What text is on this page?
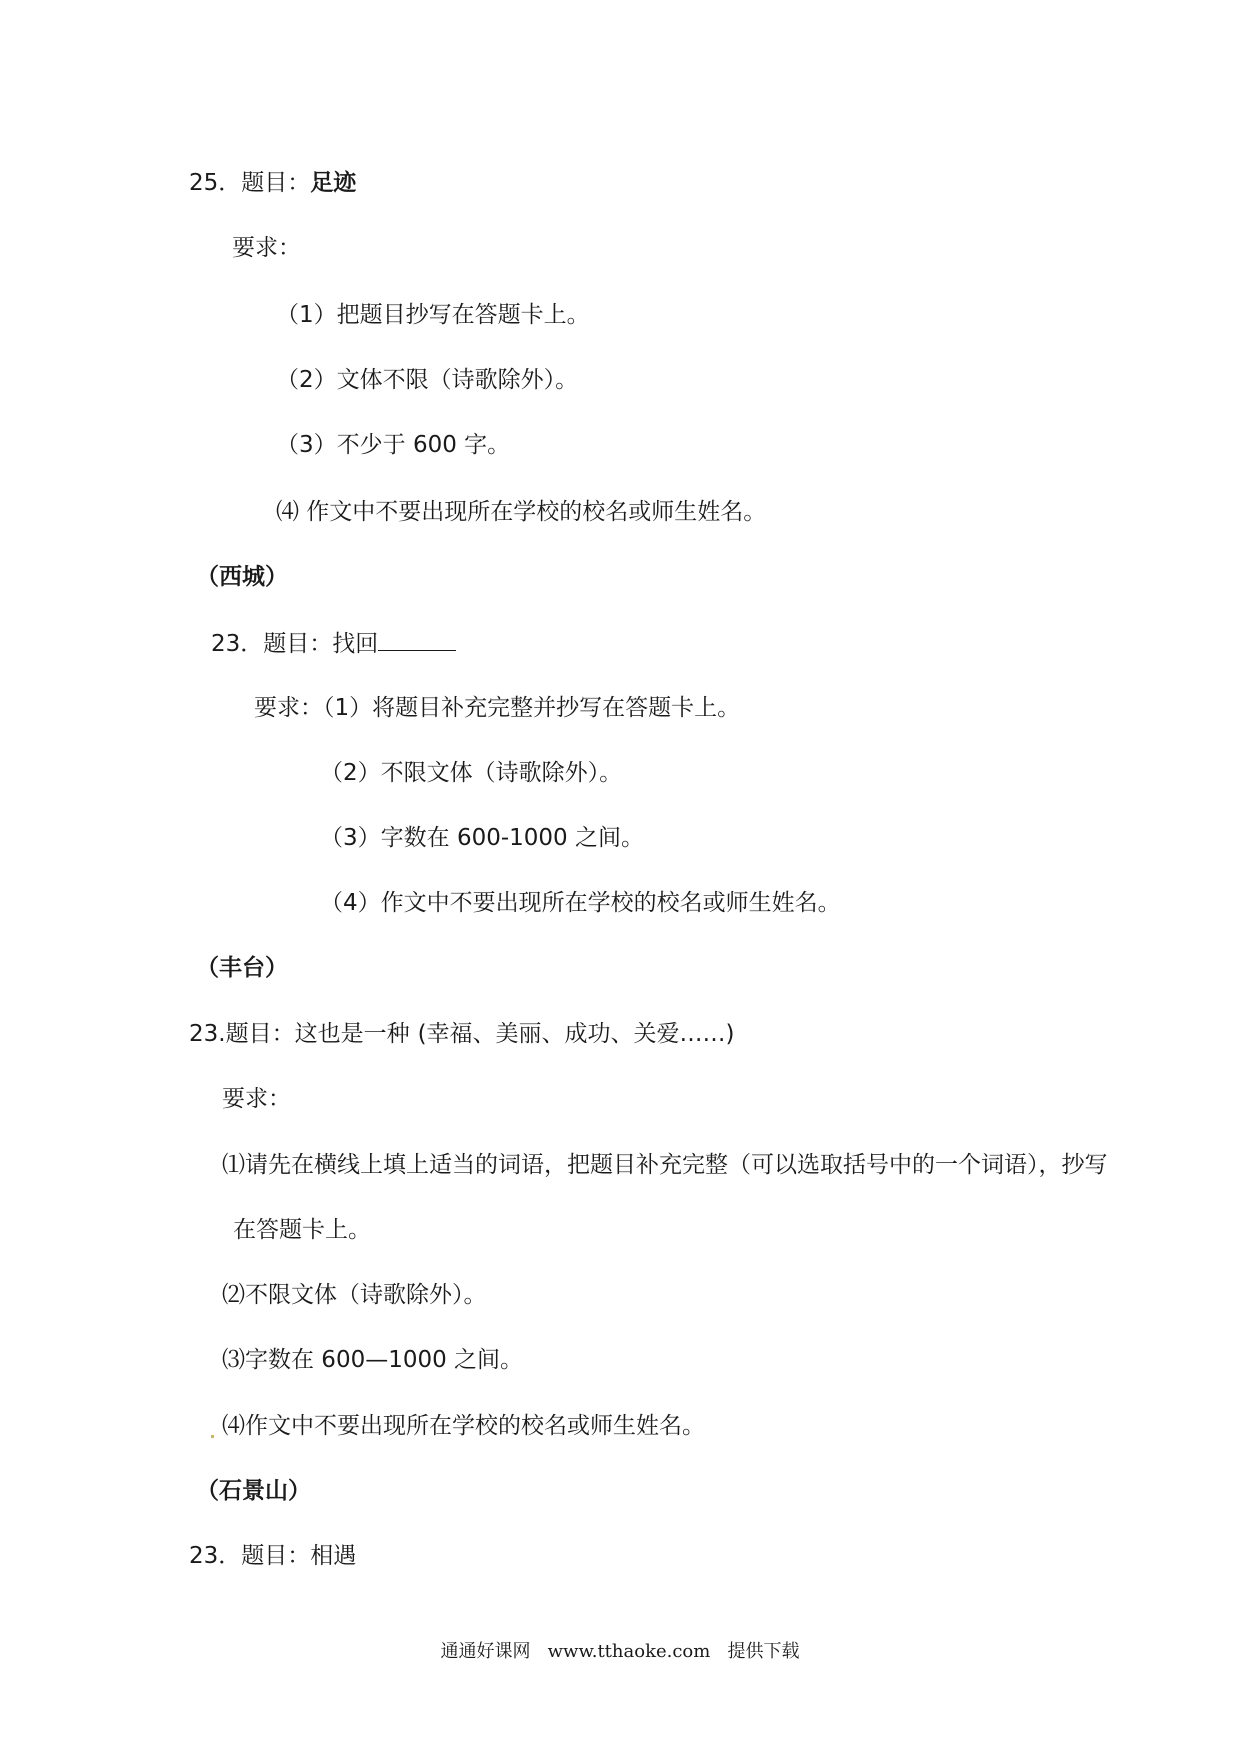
25．题目：足迹
要求：
（1）把题目抄写在答题卡上。
（2）文体不限（诗歌除外）。
（3）不少于 600 字。
⑷ 作文中不要出现所在学校的校名或师生姓名。
（西城）
23．题目：找回
要求：（1）将题目补充完整并抄写在答题卡上。
（2）不限文体（诗歌除外）。
（3）字数在 600-1000 之间。
（4）作文中不要出现所在学校的校名或师生姓名。
（丰台）
23.题目：这也是一种 (幸福、美丽、成功、关爱……)
要求：
⑴请先在横线上填上适当的词语，把题目补充完整（可以选取括号中的一个词语），抄写
在答题卡上。
⑵不限文体（诗歌除外）。
⑶字数在 600—1000 之间。
⑷作文中不要出现所在学校的校名或师生姓名。
（石景山）
23．题目：相遇
通通好课网   www.tthaoke.com   提供下载
